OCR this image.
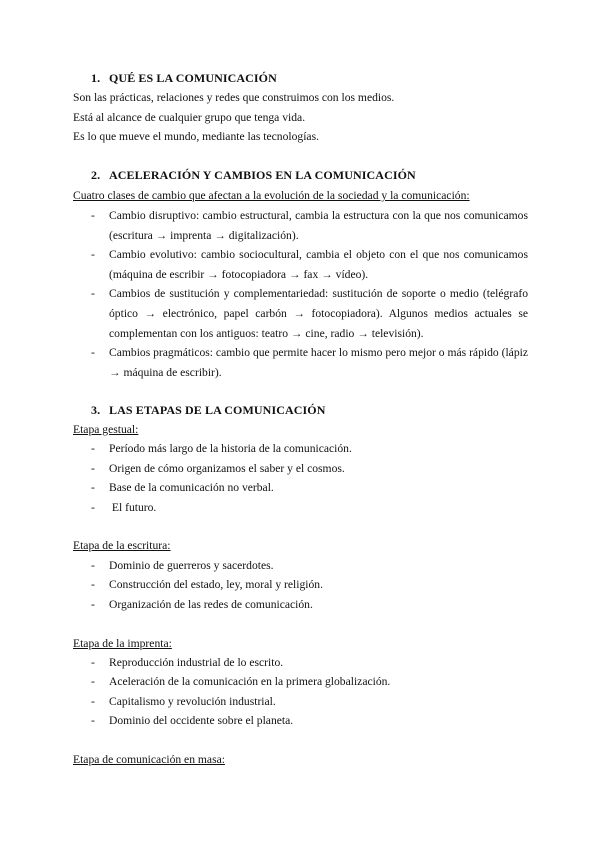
1. QUÉ ES LA COMUNICACIÓN
Son las prácticas, relaciones y redes que construimos con los medios.
Está al alcance de cualquier grupo que tenga vida.
Es lo que mueve el mundo, mediante las tecnologías.
2. ACELERACIÓN Y CAMBIOS EN LA COMUNICACIÓN
Cuatro clases de cambio que afectan a la evolución de la sociedad y la comunicación:
- Cambio disruptivo: cambio estructural, cambia la estructura con la que nos comunicamos (escritura → imprenta → digitalización).
- Cambio evolutivo: cambio sociocultural, cambia el objeto con el que nos comunicamos (máquina de escribir → fotocopiadora → fax → vídeo).
- Cambios de sustitución y complementariedad: sustitución de soporte o medio (telégrafo óptico → electrónico, papel carbón → fotocopiadora). Algunos medios actuales se complementan con los antiguos: teatro → cine, radio → televisión).
- Cambios pragmáticos: cambio que permite hacer lo mismo pero mejor o más rápido (lápiz → máquina de escribir).
3. LAS ETAPAS DE LA COMUNICACIÓN
Etapa gestual:
- Período más largo de la historia de la comunicación.
- Origen de cómo organizamos el saber y el cosmos.
- Base de la comunicación no verbal.
- El futuro.
Etapa de la escritura:
- Dominio de guerreros y sacerdotes.
- Construcción del estado, ley, moral y religión.
- Organización de las redes de comunicación.
Etapa de la imprenta:
- Reproducción industrial de lo escrito.
- Aceleración de la comunicación en la primera globalización.
- Capitalismo y revolución industrial.
- Dominio del occidente sobre el planeta.
Etapa de comunicación en masa:
